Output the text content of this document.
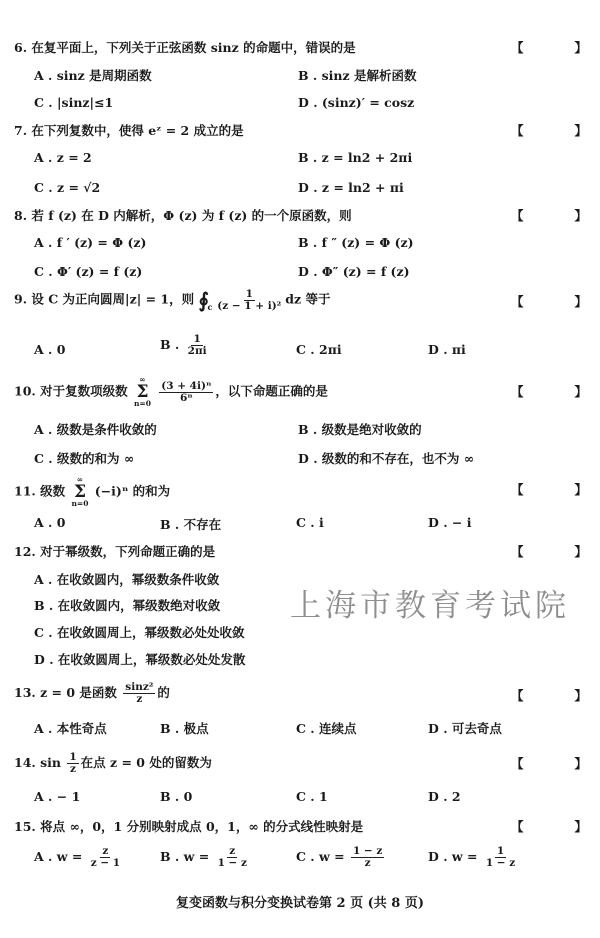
6. 在复平面上，下列关于正弦函数 sinz 的命题中，错误的是	【	】
A . sinz 是周期函数	B . sinz 是解析函数
C . |sinz|≤1	D . (sinz)′ = cosz
7. 在下列复数中，使得 eᶻ = 2 成立的是	【	】
A . z = 2	B . z = ln2 + 2πi
C . z = √2	D . z = ln2 + πi
8. 若 f (z) 在 D 内解析，Φ (z) 为 f (z) 的一个原函数，则	【	】
A . f ′ (z) = Φ (z)	B . f ″ (z) = Φ (z)
C . Φ′ (z) = f (z)	D . Φ″ (z) = f (z)
9. 设 C 为正向圆周|z| = 1，则 ∮
c
$\frac{1}{\text{(z − 1 + i)²}}$ dz 等于	【	】
A . 0	B . $\frac{1}{2\pi i}$	C . 2πi	D . πi
10. 对于复数项级数
∞
Σ
n=0
$\frac{\text{(3 + 4i)ⁿ}}{\text{6ⁿ}}$ ，以下命题正确的是	【	】
A . 级数是条件收敛的	B . 级数是绝对收敛的
C . 级数的和为 ∞	D . 级数的和不存在，也不为 ∞
11. 级数
∞
Σ
n=0
(−i)ⁿ 的和为	【	】
A . 0	B . 不存在	C . i	D . − i
12. 对于幂级数，下列命题正确的是	【	】
A . 在收敛圆内，幂级数条件收敛
B . 在收敛圆内，幂级数绝对收敛
C . 在收敛圆周上，幂级数必处处收敛
D . 在收敛圆周上，幂级数必处处发散
13. z = 0 是函数 $\frac{\text{sinz²}}{z}$ 的	【	】
A . 本性奇点	B . 极点	C . 连续点	D . 可去奇点
14. $\sin \frac{1}{z}$ 在点 z = 0 处的留数为	【	】
A . − 1	B . 0	C . 1	D . 2
15. 将点 ∞，0，1 分别映射成点 0，1，∞ 的分式线性映射是	【	】
A . $w = \frac{z}{z - 1}$	B . $w = \frac{z}{1 - z}$	C . $w = \frac{1 - z}{z}$	D . $w = \frac{1}{1 - z}$
上海市教育考试院
复变函数与积分变换试卷第 2 页 (共 8 页)
